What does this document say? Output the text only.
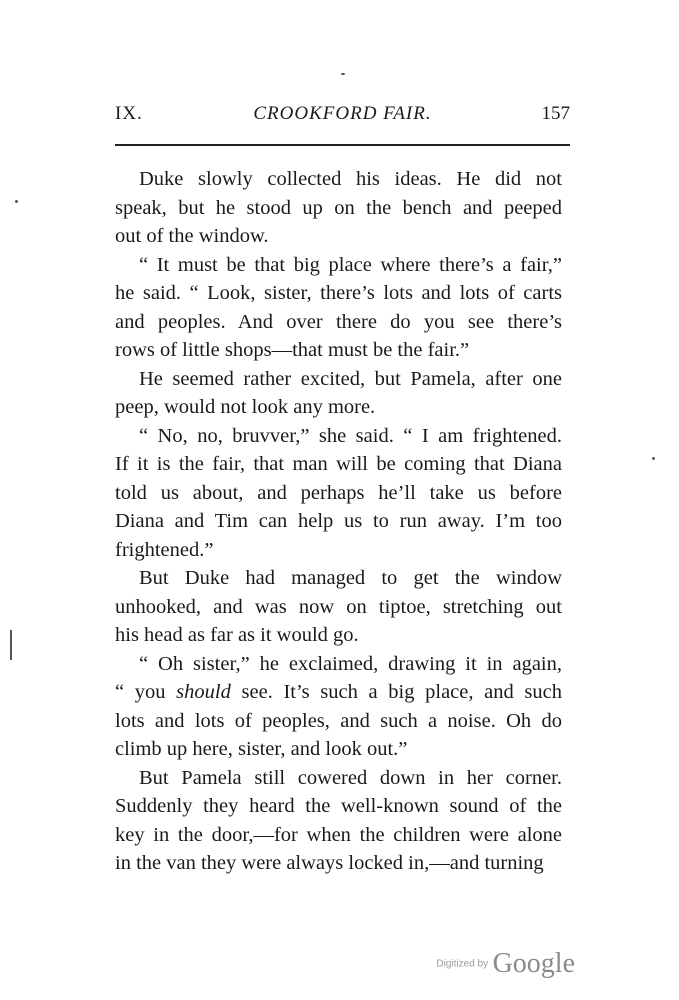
IX.	CROOKFORD FAIR.	157

Duke slowly collected his ideas. He did not
speak, but he stood up on the bench and peeped
out of the window.

“ It must be that big place where there’s a fair,”
he said. “ Look, sister, there’s lots and lots of carts
and peoples. And over there do you see there’s
rows of little shops—that must be the fair.”

He seemed rather excited, but Pamela, after one
peep, would not look any more.

“ No, no, bruvver,” she said. “ I am frightened.
If it is the fair, that man will be coming that Diana
told us about, and perhaps he’ll take us before
Diana and Tim can help us to run away. I’m too
frightened.”

But Duke had managed to get the window
unhooked, and was now on tiptoe, stretching out
his head as far as it would go.

“ Oh sister,” he exclaimed, drawing it in again,
“ you should see. It’s such a big place, and such
lots and lots of peoples, and such a noise. Oh do
climb up here, sister, and look out.”

But Pamela still cowered down in her corner.
Suddenly they heard the well-known sound of the
key in the door,—for when the children were alone
in the van they were always locked in,—and turning

Digitized by Google
